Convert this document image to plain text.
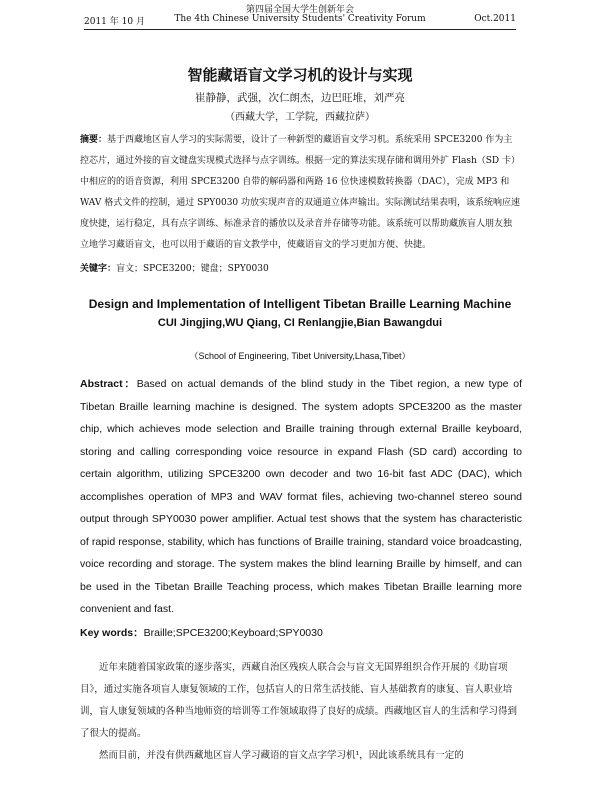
第四届全国大学生创新年会
The 4th Chinese University Students' Creativity Forum
2011 年 10 月	Oct.2011
智能藏语盲文学习机的设计与实现
崔静静，武强，次仁朗杰，边巴旺堆，刘严亮
（西藏大学，工学院，西藏拉萨）
摘要：基于西藏地区盲人学习的实际需要，设计了一种新型的藏语盲文学习机。系统采用 SPCE3200 作为主控芯片，通过外接的盲文键盘实现模式选择与点字训练。根据一定的算法实现存储和调用外扩 Flash（SD 卡）中相应的的语音资源，利用 SPCE3200 自带的解码器和两路 16 位快速模数转换器（DAC），完成 MP3 和 WAV 格式文件的控制，通过 SPY0030 功放实现声音的双通道立体声输出。实际测试结果表明，该系统响应速度快捷，运行稳定，具有点字训练、标准录音的播放以及录音并存储等功能。该系统可以帮助藏族盲人朋友独立地学习藏语盲文，也可以用于藏语的盲文教学中，使藏语盲文的学习更加方便、快捷。
关键字：盲文；SPCE3200；键盘；SPY0030
Design and Implementation of Intelligent Tibetan Braille Learning Machine
CUI Jingjing,WU Qiang, CI Renlangjie,Bian Bawangdui
（School of Engineering, Tibet University,Lhasa,Tibet）
Abstract：Based on actual demands of the blind study in the Tibet region, a new type of Tibetan Braille learning machine is designed. The system adopts SPCE3200 as the master chip, which achieves mode selection and Braille training through external Braille keyboard, storing and calling corresponding voice resource in expand Flash (SD card) according to certain algorithm, utilizing SPCE3200 own decoder and two 16-bit fast ADC (DAC), which accomplishes operation of MP3 and WAV format files, achieving two-channel stereo sound output through SPY0030 power amplifier. Actual test shows that the system has characteristic of rapid response, stability, which has functions of Braille training, standard voice broadcasting, voice recording and storage. The system makes the blind learning Braille by himself, and can be used in the Tibetan Braille Teaching process, which makes Tibetan Braille learning more convenient and fast.
Key words：Braille;SPCE3200;Keyboard;SPY0030

近年来随着国家政策的逐步落实，西藏自治区残疾人联合会与盲文无国界组织合作开展的《助盲项目》，通过实施各项盲人康复领域的工作，包括盲人的日常生活技能、盲人基础教育的康复、盲人职业培训，盲人康复领域的各种当地师资的培训等工作领域取得了良好的成绩。西藏地区盲人的生活和学习得到了很大的提高。

然而目前，并没有供西藏地区盲人学习藏语的盲文点字学习机¹，因此该系统具有一定的
